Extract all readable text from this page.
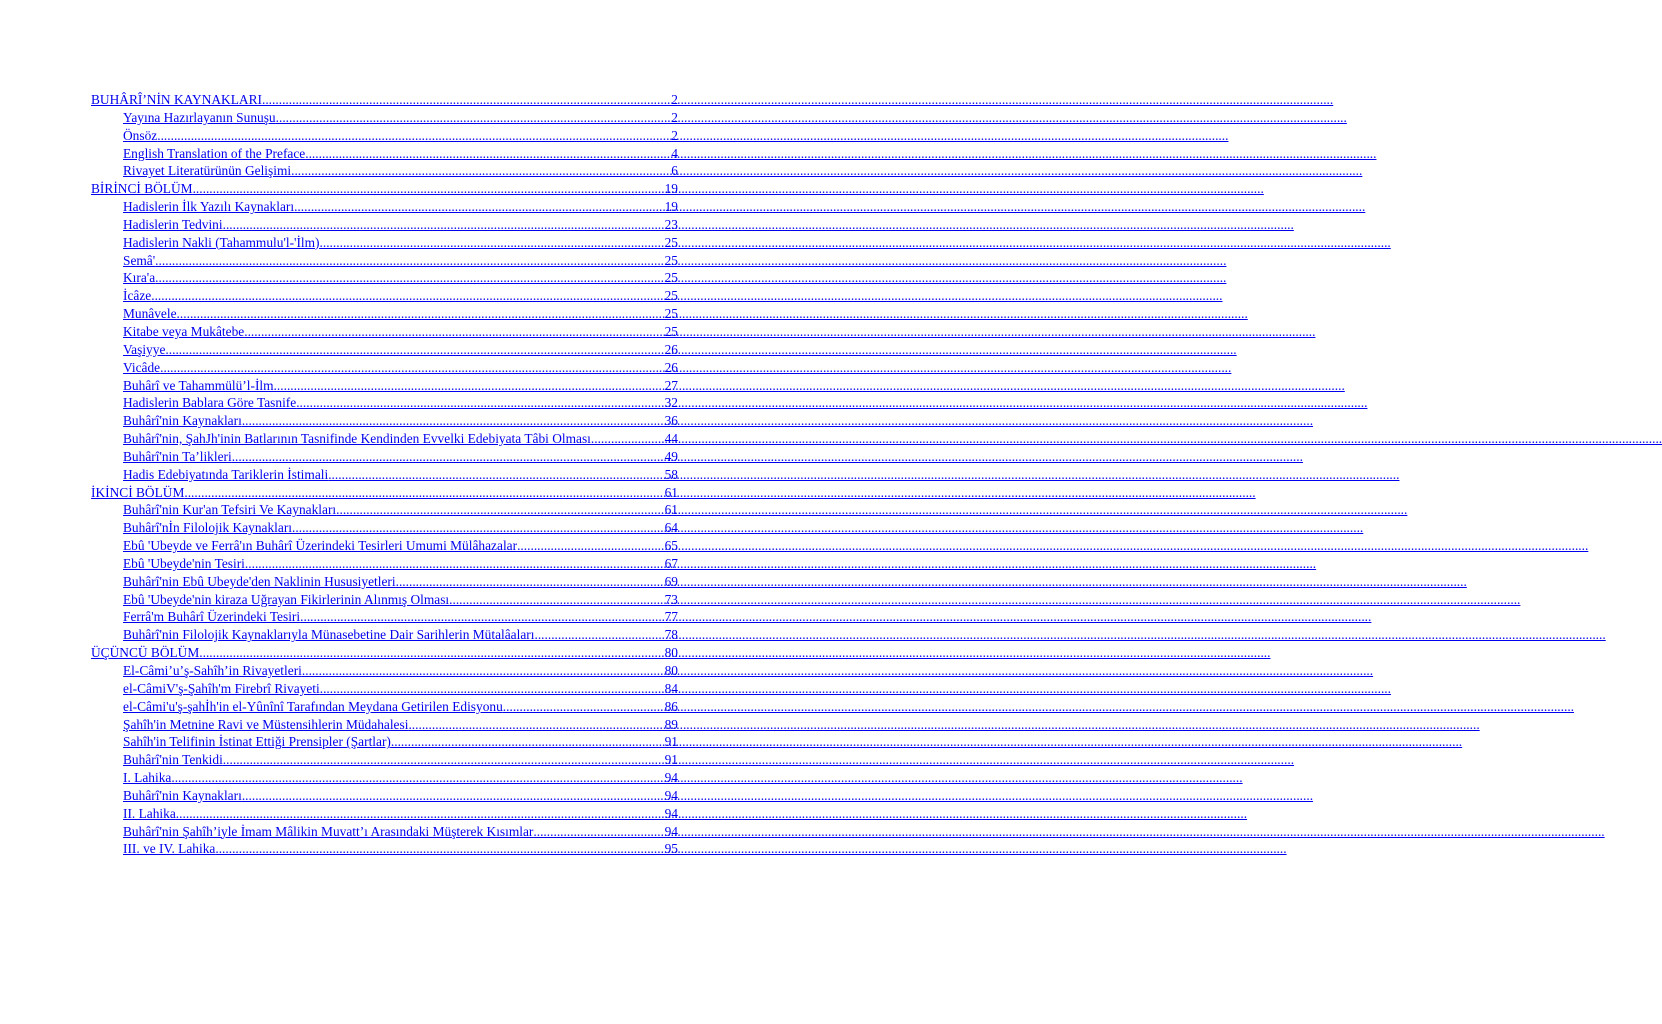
BUHÂRÎ’NİN KAYNAKLARI .....	2
Yayına Hazırlayanın Sunuşu .....	2
Önsöz .....	2
English Translation of the Preface .....	4
Rivayet Literatürünün Gelişimi .....	6
BİRİNCİ BÖLÜM .....	19
Hadislerin İlk Yazılı Kaynakları .....	19
Hadislerin Tedvini .....	23
Hadislerin Nakli (Tahammulu'l-'İlm) .....	25
Semâ' .....	25
Kıra'a .....	25
İcâze .....	25
Munâvele .....	25
Kitabe veya Mukâtebe .....	25
Vaşiyye .....	26
Vicâde .....	26
Buhârî ve Tahammülü’l-İlm .....	27
Hadislerin Bablara Göre Tasnife .....	32
Buhârî'nin Kaynakları .....	36
Buhârî'nin, ŞahJh'inin Batlarının Tasnifinde Kendinden Evvelki Edebiyata Tâbi Olması .....	44
Buhârî'nin Ta’likleri .....	49
Hadis Edebiyatında Tariklerin İstimali .....	58
İKİNCİ BÖLÜM .....	61
Buhârî'nin Kur'an Tefsiri Ve Kaynakları .....	61
Buhârî'nİn Filolojik Kaynakları .....	64
Ebû 'Ubeyde ve Ferrâ'ın Buhârî Üzerindeki Tesirleri Umumi Mülâhazalar .....	65
Ebû 'Ubeyde'nin Tesiri .....	67
Buhârî'nin Ebû Ubeyde'den Naklinin Hususiyetleri .....	69
Ebû 'Ubeyde'nin kiraza Uğrayan Fikirlerinin Alınmış Olması .....	73
Ferrâ'm Buhârî Üzerindeki Tesiri .....	77
Buhârî'nin Filolojik Kaynaklarıyla Münasebetine Dair Sarihlerin Mütalâaları .....	78
ÜÇÜNCÜ BÖLÜM .....	80
El-Câmi’u’ş-Sahîh’in Rivayetleri .....	80
el-CâmiV'ş-Şahîh'm Firebrî Rivayeti .....	84
el-Câmi'u'ş-şahİh'in el-Yûnînî Tarafından Meydana Getirilen Edisyonu .....	86
Şahîh'in Metnine Ravi ve Müstensihlerin Müdahalesi .....	89
Sahîh'in Telifinin İstinat Ettiği Prensipler (Şartlar) .....	91
Buhârî'nin Tenkidi .....	91
I. Lahika .....	94
Buhârî'nin Kaynakları .....	94
II. Lahika .....	94
Buhârî'nin Şahîh’iyle İmam Mâlikin Muvatt’ı Arasındaki Müşterek Kısımlar .....	94
III. ve IV. Lahika .....	95
